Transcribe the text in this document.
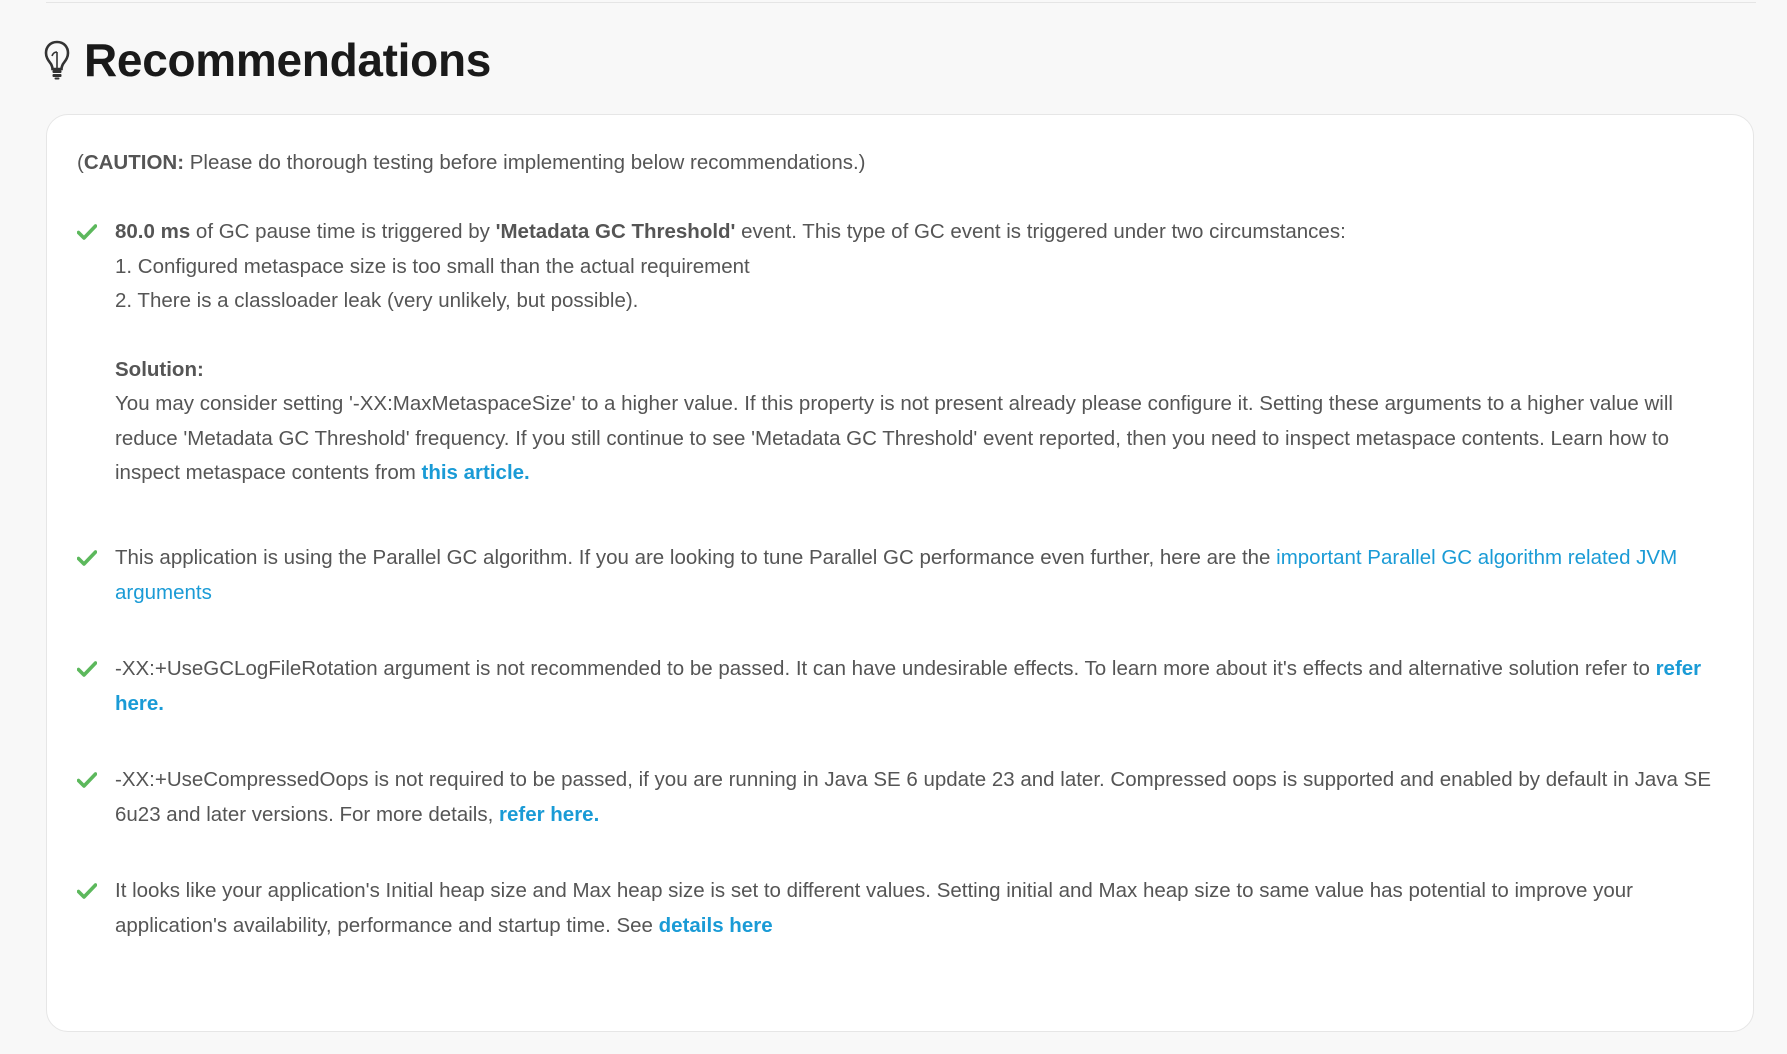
Recommendations
(CAUTION: Please do thorough testing before implementing below recommendations.)
80.0 ms of GC pause time is triggered by 'Metadata GC Threshold' event. This type of GC event is triggered under two circumstances:
1. Configured metaspace size is too small than the actual requirement
2. There is a classloader leak (very unlikely, but possible).
Solution:
You may consider setting '-XX:MaxMetaspaceSize' to a higher value. If this property is not present already please configure it. Setting these arguments to a higher value will reduce 'Metadata GC Threshold' frequency. If you still continue to see 'Metadata GC Threshold' event reported, then you need to inspect metaspace contents. Learn how to inspect metaspace contents from this article.
This application is using the Parallel GC algorithm. If you are looking to tune Parallel GC performance even further, here are the important Parallel GC algorithm related JVM arguments
-XX:+UseGCLogFileRotation argument is not recommended to be passed. It can have undesirable effects. To learn more about it's effects and alternative solution refer to refer here.
-XX:+UseCompressedOops is not required to be passed, if you are running in Java SE 6 update 23 and later. Compressed oops is supported and enabled by default in Java SE 6u23 and later versions. For more details, refer here.
It looks like your application's Initial heap size and Max heap size is set to different values. Setting initial and Max heap size to same value has potential to improve your application's availability, performance and startup time. See details here
